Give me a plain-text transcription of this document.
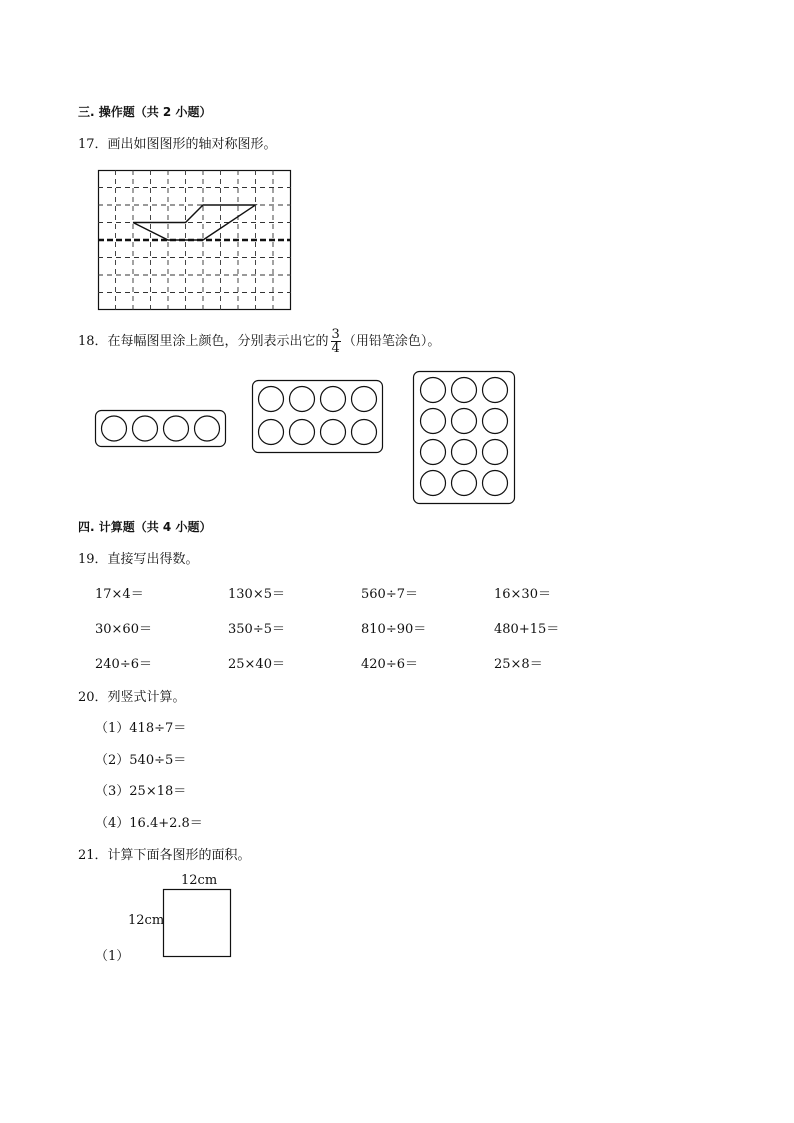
三. 操作题（共 2 小题）
17．画出如图图形的轴对称图形。
18．在每幅图里涂上颜色，分别表示出它的 $\frac{3}{4}$ （用铅笔涂色）。
四. 计算题（共 4 小题）
19．直接写出得数。
17×4＝	130×5＝	560÷7＝	16×30＝
30×60＝	350÷5＝	810÷90＝	480+15＝
240÷6＝	25×40＝	420÷6＝	25×8＝
20．列竖式计算。
（1）418÷7＝
（2）540÷5＝
（3）25×18＝
（4）16.4+2.8＝
21．计算下面各图形的面积。
12cm
12cm
（1）
